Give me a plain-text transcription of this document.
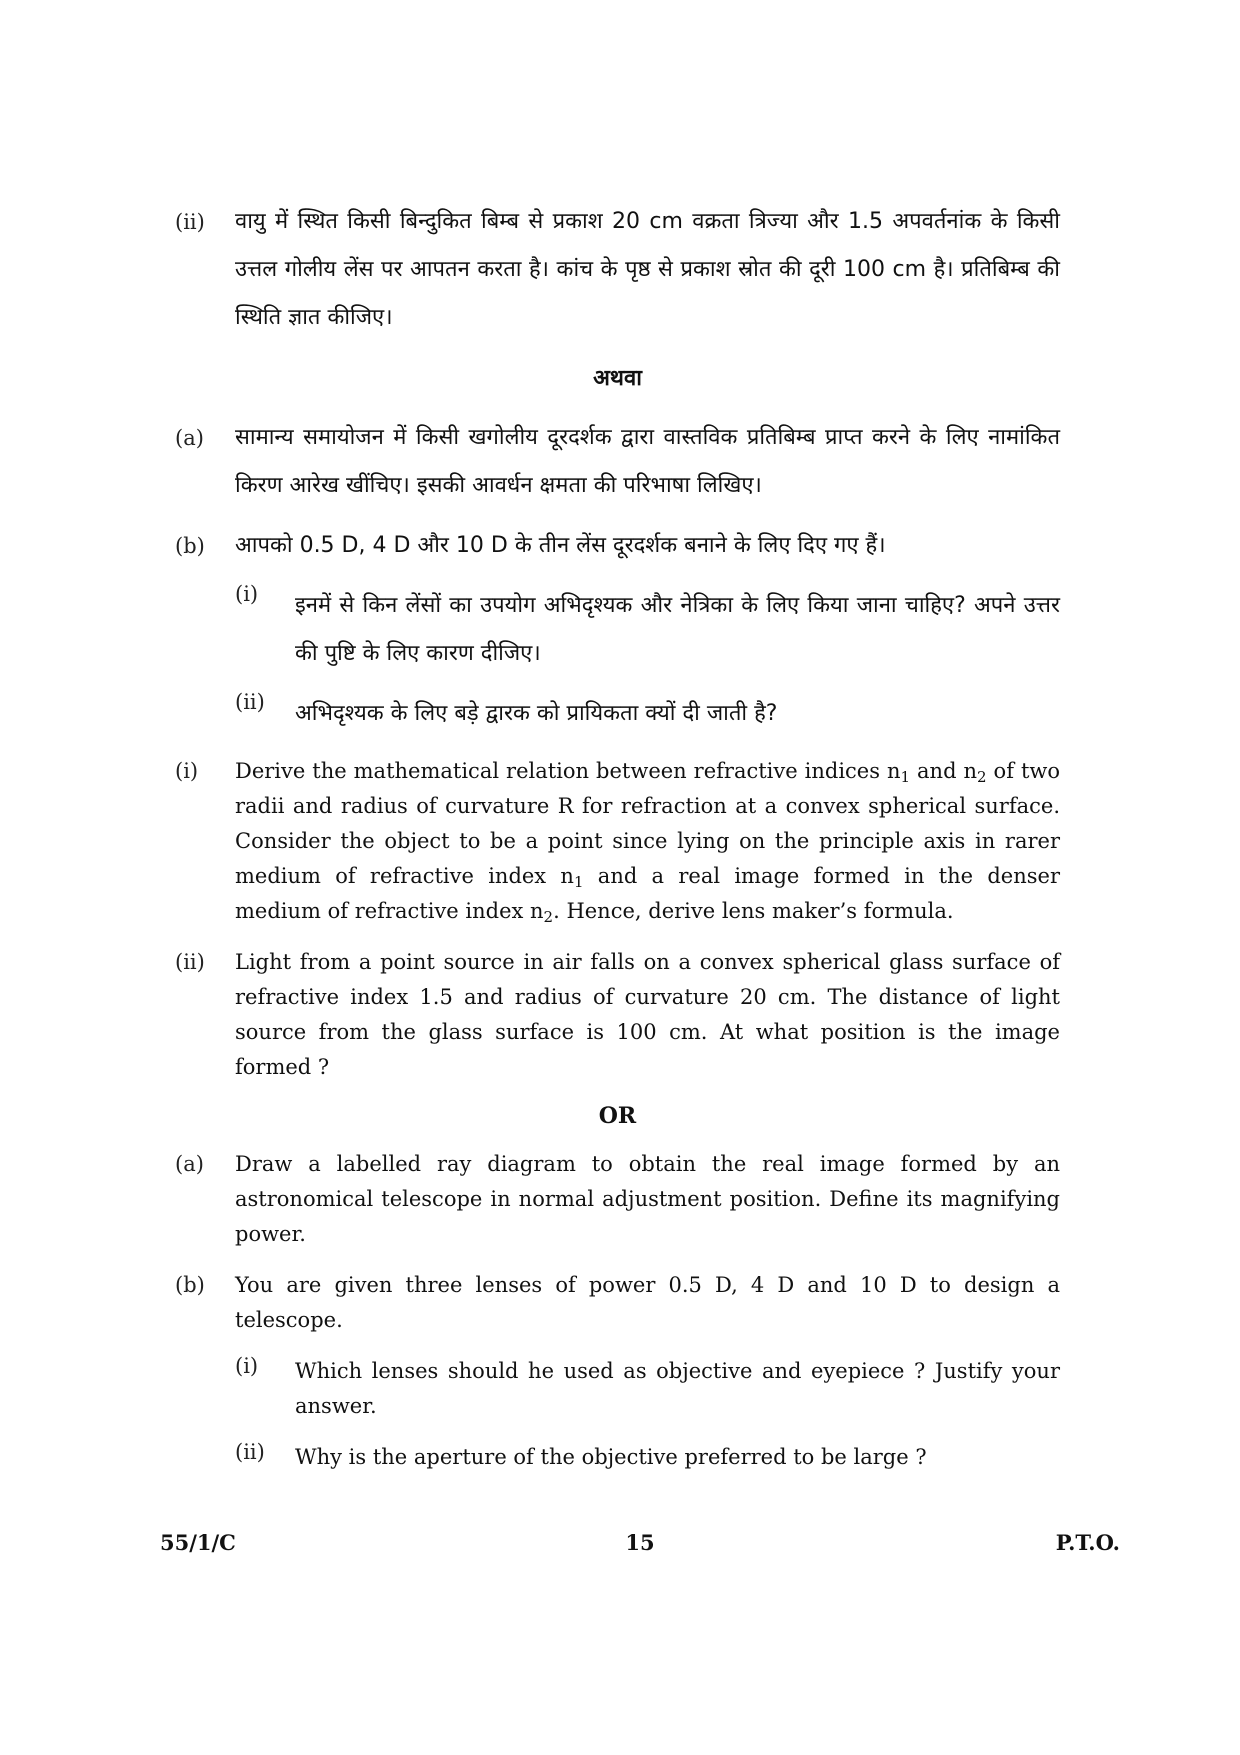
(ii)	वायु में स्थित किसी बिन्दुकित बिम्ब से प्रकाश 20 cm वक्रता त्रिज्या और 1.5 अपवर्तनांक के किसी उत्तल गोलीय लेंस पर आपतन करता है। कांच के पृष्ठ से प्रकाश स्रोत की दूरी 100 cm है। प्रतिबिम्ब की स्थिति ज्ञात कीजिए।
अथवा
(a)	सामान्य समायोजन में किसी खगोलीय दूरदर्शक द्वारा वास्तविक प्रतिबिम्ब प्राप्त करने के लिए नामांकित किरण आरेख खींचिए। इसकी आवर्धन क्षमता की परिभाषा लिखिए।
(b)	आपको 0.5 D, 4 D और 10 D के तीन लेंस दूरदर्शक बनाने के लिए दिए गए हैं।
(i)	इनमें से किन लेंसों का उपयोग अभिदृश्यक और नेत्रिका के लिए किया जाना चाहिए? अपने उत्तर की पुष्टि के लिए कारण दीजिए।
(ii)	अभिदृश्यक के लिए बड़े द्वारक को प्रायिकता क्यों दी जाती है?
(i)	Derive the mathematical relation between refractive indices $n_1$ and $n_2$ of two radii and radius of curvature R for refraction at a convex spherical surface. Consider the object to be a point since lying on the principle axis in rarer medium of refractive index $n_1$ and a real image formed in the denser medium of refractive index $n_2$. Hence, derive lens maker’s formula.
(ii)	Light from a point source in air falls on a convex spherical glass surface of refractive index 1.5 and radius of curvature 20 cm. The distance of light source from the glass surface is 100 cm. At what position is the image formed ?
OR
(a)	Draw a labelled ray diagram to obtain the real image formed by an astronomical telescope in normal adjustment position. Define its magnifying power.
(b)	You are given three lenses of power 0.5 D, 4 D and 10 D to design a telescope.
(i)	Which lenses should he used as objective and eyepiece ? Justify your answer.
(ii)	Why is the aperture of the objective preferred to be large ?
55/1/C	15	P.T.O.
